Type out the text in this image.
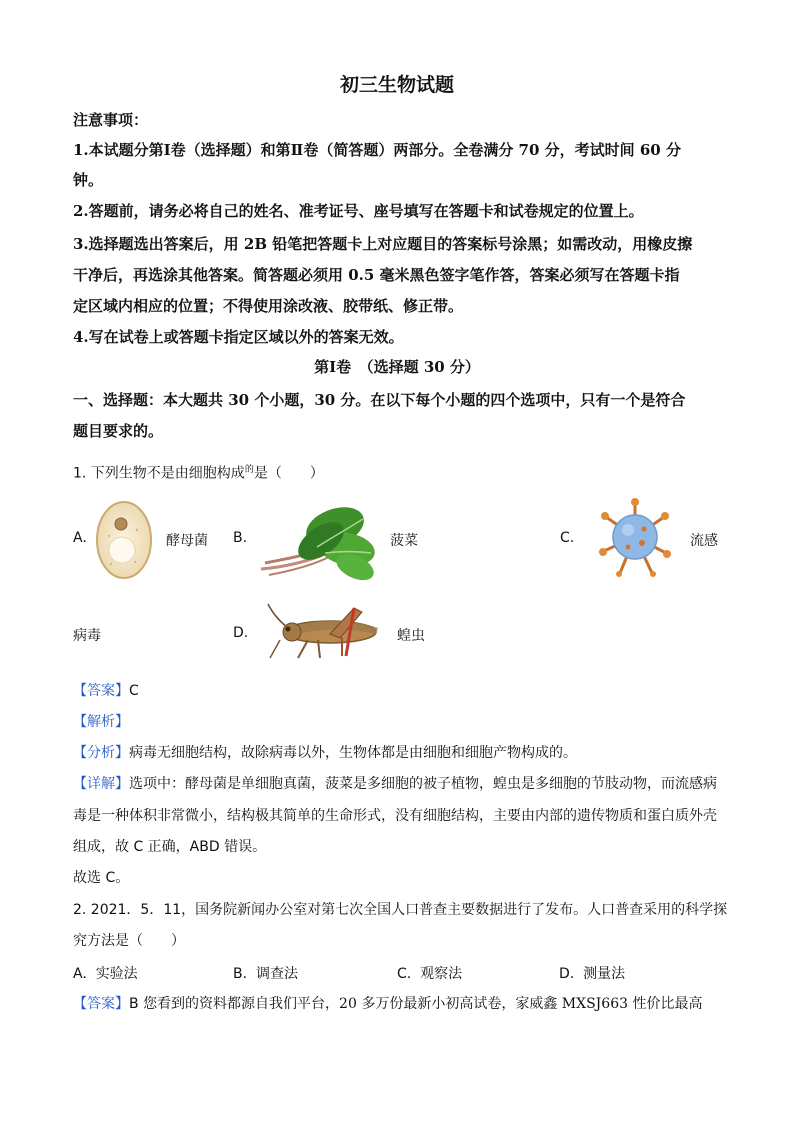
初三生物试题
注意事项：
1.本试题分第Ⅰ卷（选择题）和第Ⅱ卷（简答题）两部分。全卷满分 70 分，考试时间 60 分
钟。
2.答题前，请务必将自己的姓名、准考证号、座号填写在答题卡和试卷规定的位置上。
3.选择题选出答案后，用 2B 铅笔把答题卡上对应题目的答案标号涂黑；如需改动，用橡皮擦
干净后，再选涂其他答案。简答题必须用 0.5 毫米黑色签字笔作答，答案必须写在答题卡指
定区域内相应的位置；不得使用涂改液、胶带纸、修正带。
4.写在试卷上或答题卡指定区域以外的答案无效。
第Ⅰ卷　（选择题 30 分）
一、选择题：本大题共 30 个小题，30 分。在以下每个小题的四个选项中，只有一个是符合
题目要求的。
1. 下列生物不是由细胞构成$^的$是（　　）
A.	酵母菌 B.	菠菜	C.	流感
病毒	D.	蝗虫
【答案】C
【解析】
【分析】病毒无细胞结构，故除病毒以外，生物体都是由细胞和细胞产物构成的。
【详解】选项中：酵母菌是单细胞真菌，菠菜是多细胞的被子植物，蝗虫是多细胞的节肢动物，而流感病
毒是一种体积非常微小，结构极其简单的生命形式，没有细胞结构，主要由内部的遗传物质和蛋白质外壳
组成，故 C 正确，ABD 错误。
故选 C。
2. 2021．5．11，国务院新闻办公室对第七次全国人口普查主要数据进行了发布。人口普查采用的科学探
究方法是（　　）
A. 实验法	B. 调查法	C. 观察法	D. 测量法
【答案】B 您看到的资料都源自我们平台，20 多万份最新小初高试卷，家威鑫 MXSJ663 性价比最高
